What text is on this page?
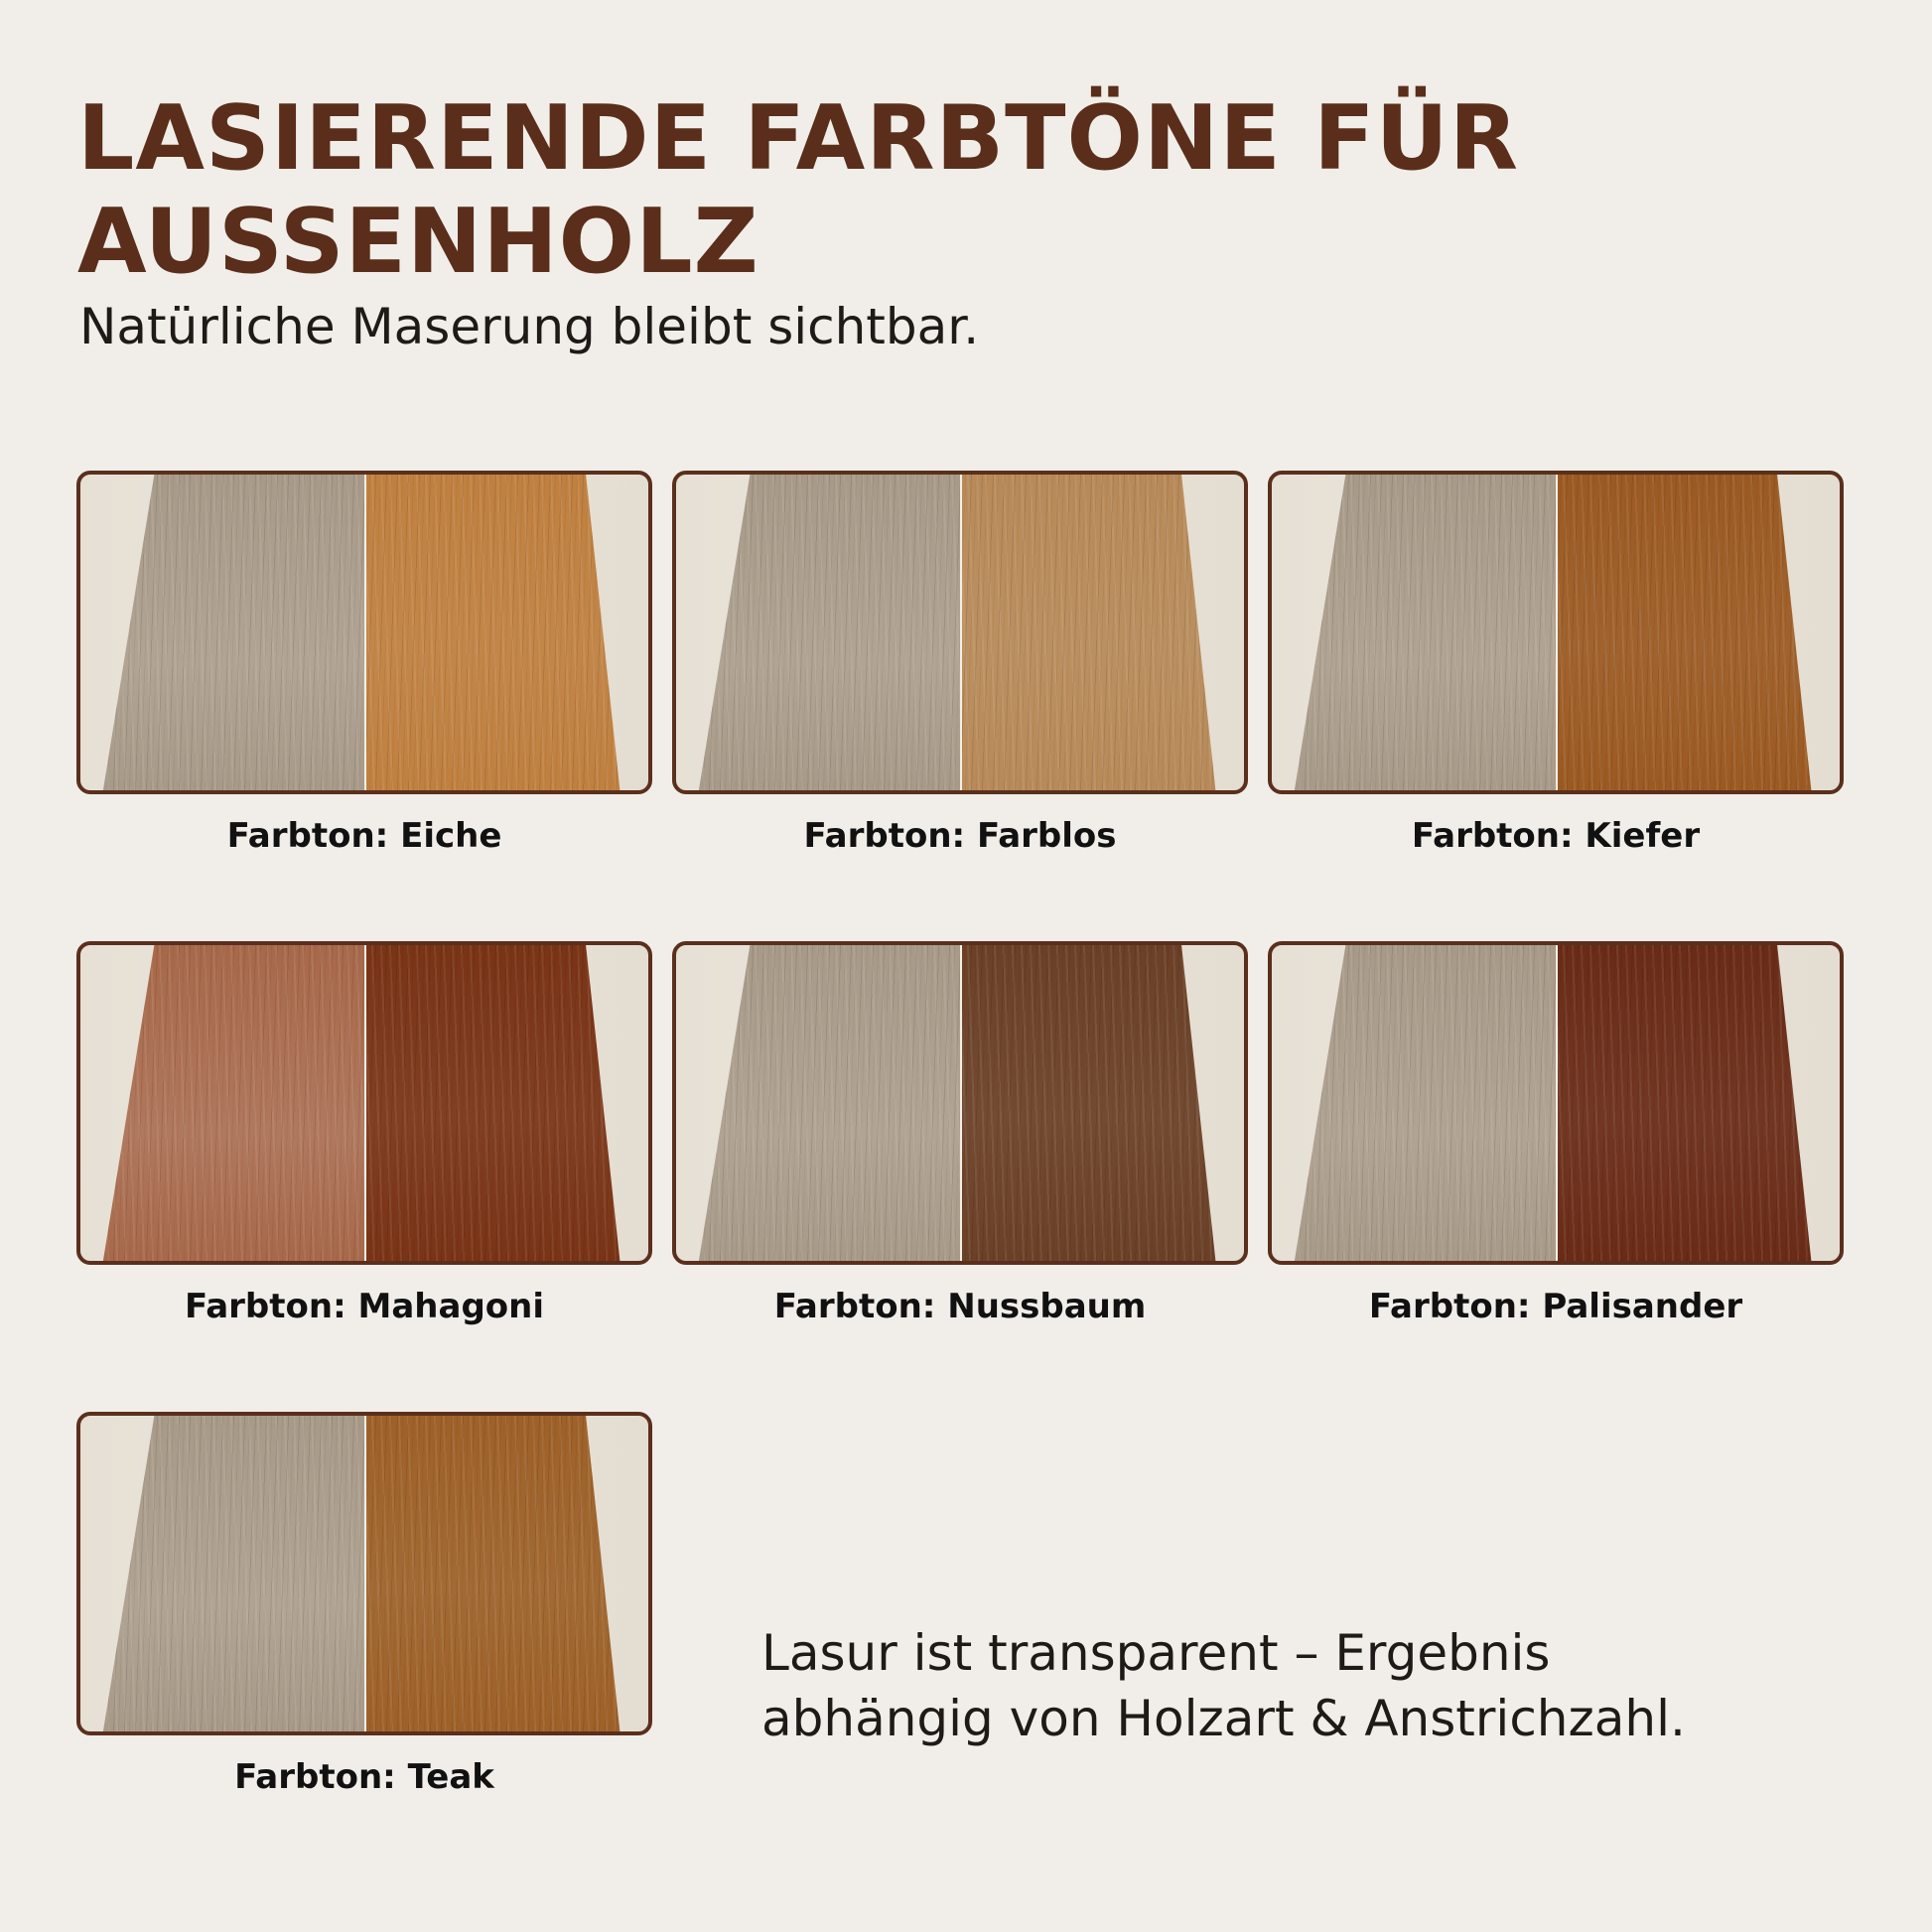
LASIERENDE FARBTÖNE FÜR
AUSSENHOLZ
Natürliche Maserung bleibt sichtbar.
Farbton: Eiche	Farbton: Farblos	Farbton: Kiefer
Farbton: Mahagoni	Farbton: Nussbaum	Farbton: Palisander
Farbton: Teak
Lasur ist transparent – Ergebnis
abhängig von Holzart & Anstrichzahl.
